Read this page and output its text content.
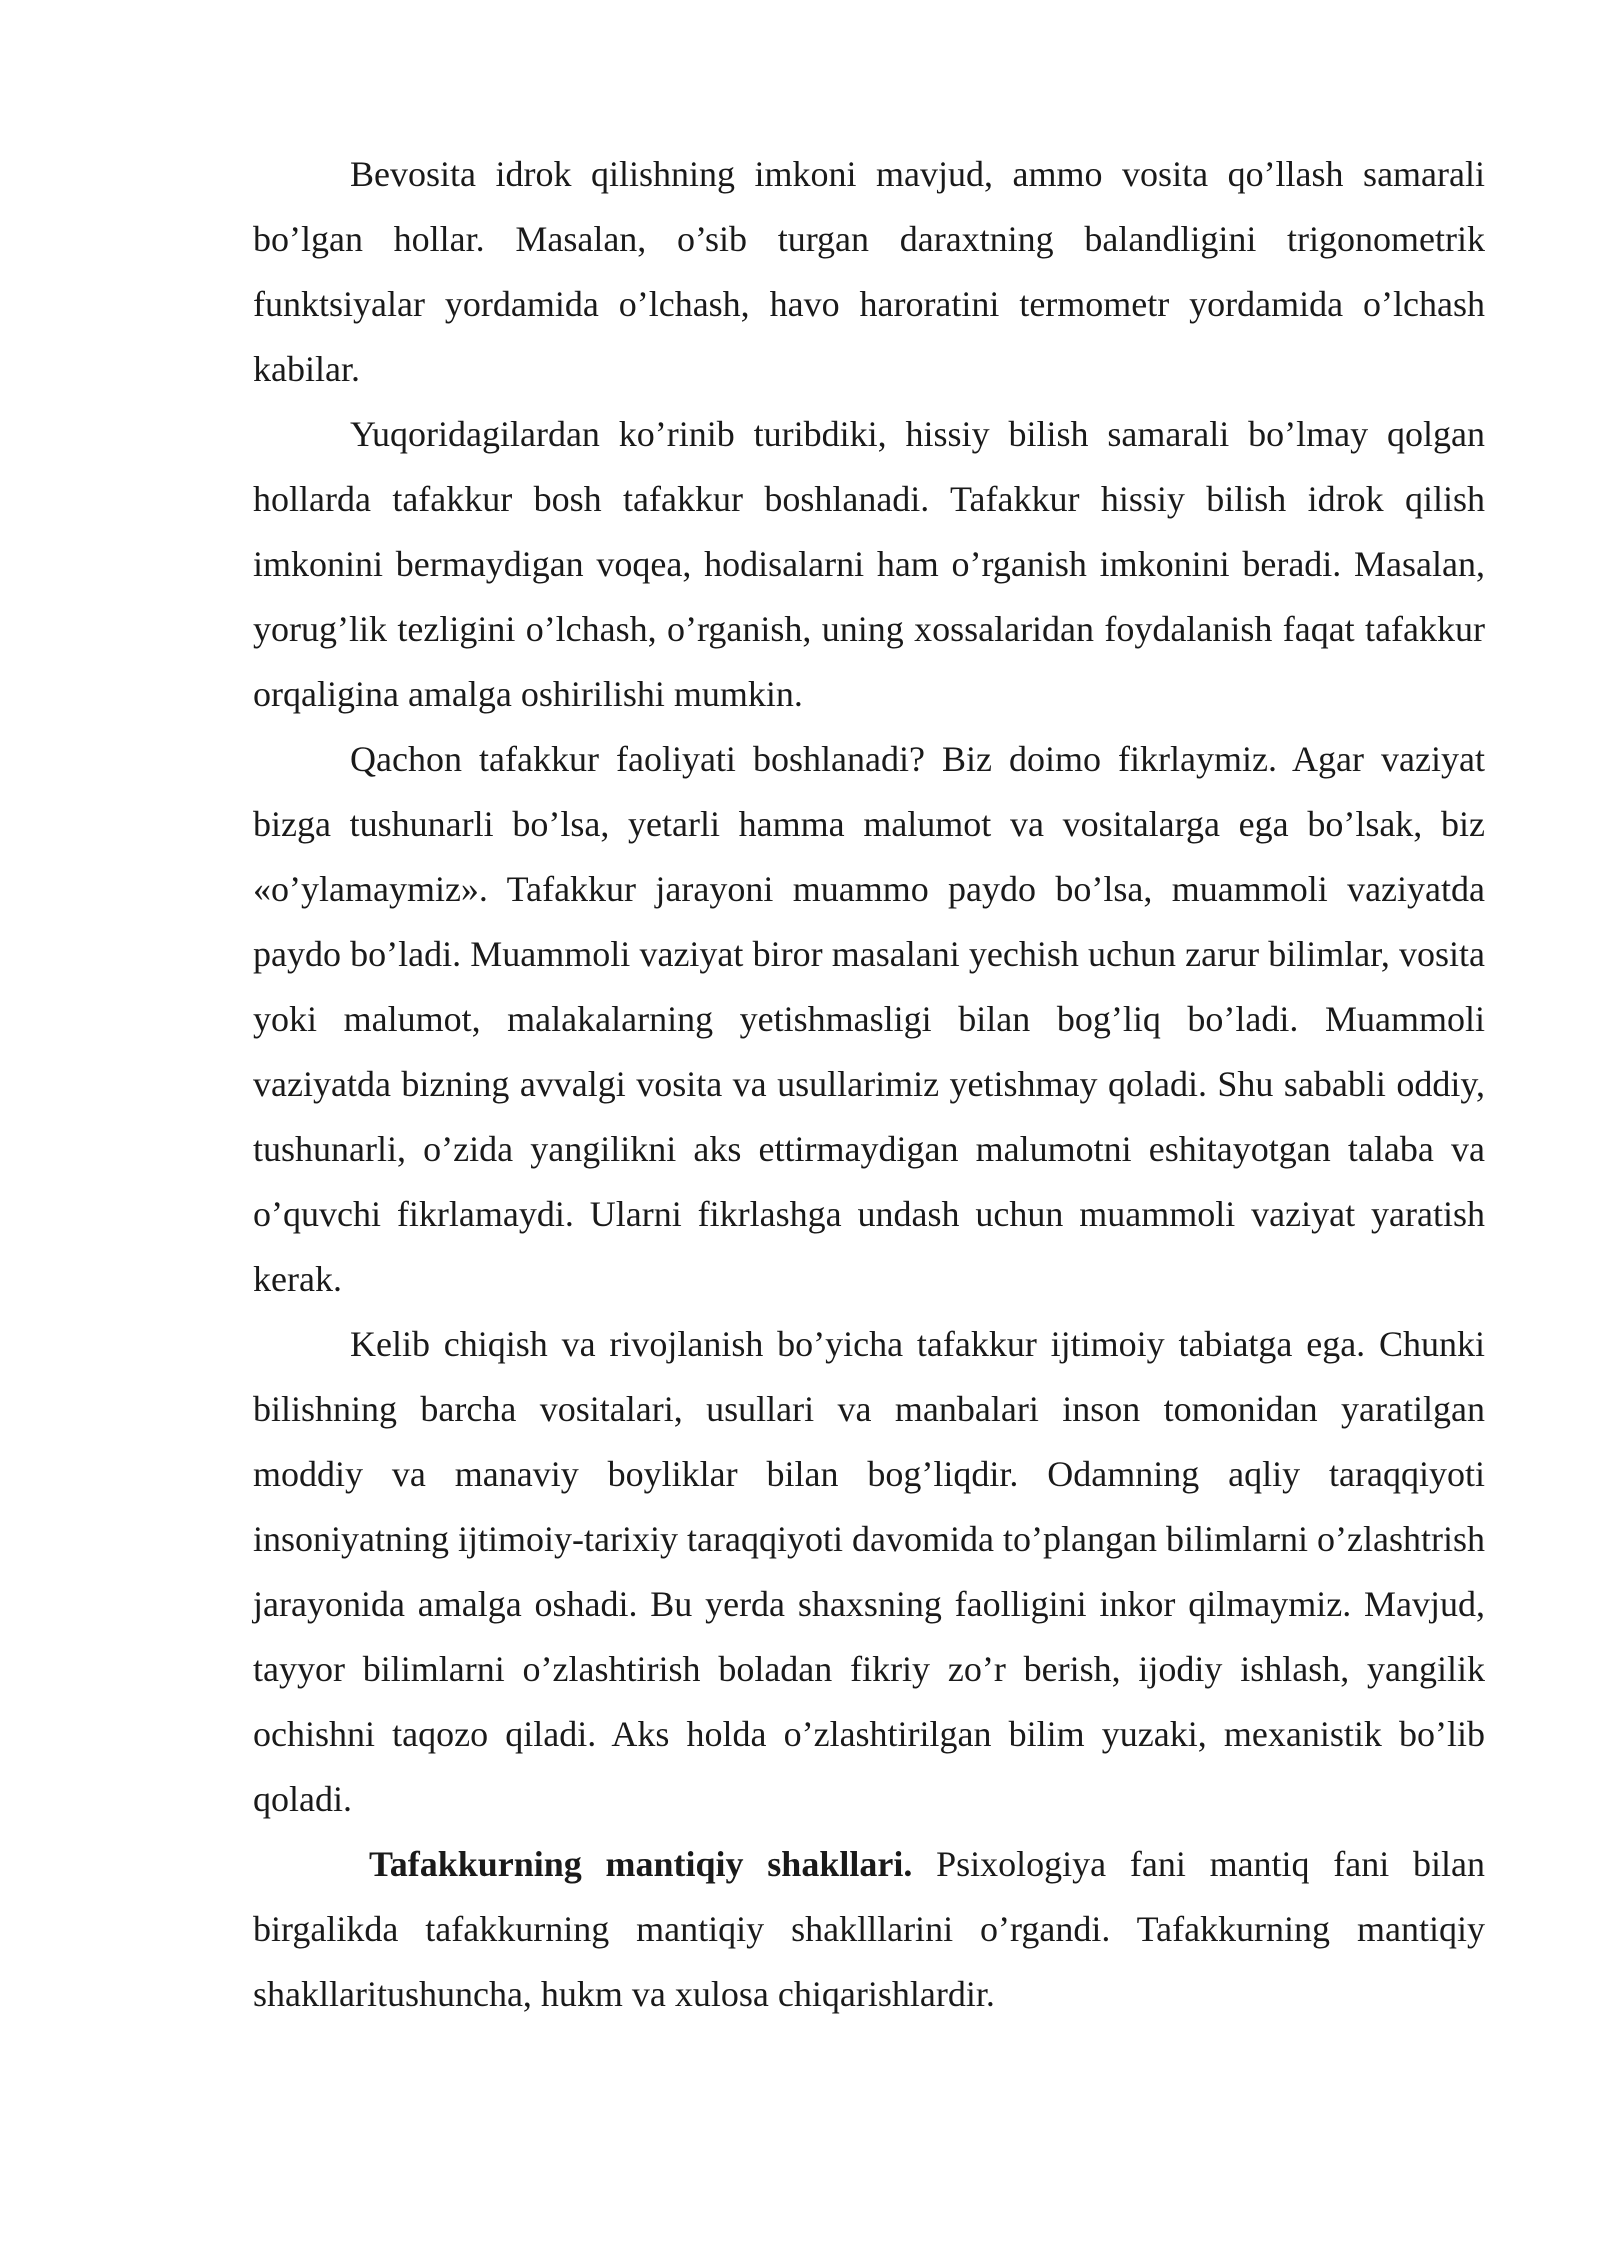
Bevosita idrok qilishning imkoni mavjud, ammo vosita qo’llash samarali bo’lgan hollar. Masalan, o’sib turgan daraxtning balandligini trigonometrik funktsiyalar yordamida o’lchash, havo haroratini termometr yordamida o’lchash kabilar.

Yuqoridagilardan ko’rinib turibdiki, hissiy bilish samarali bo’lmay qolgan hollarda tafakkur bosh tafakkur boshlanadi. Tafakkur hissiy bilish idrok qilish imkonini bermaydigan voqea, hodisalarni ham o’rganish imkonini beradi. Masalan, yorug’lik tezligini o’lchash, o’rganish, uning xossalaridan foydalanish faqat tafakkur orqaligina amalga oshirilishi mumkin.

Qachon tafakkur faoliyati boshlanadi? Biz doimo fikrlaymiz. Agar vaziyat bizga tushunarli bo’lsa, yetarli hamma malumot va vositalarga ega bo’lsak, biz «o’ylamaymiz». Tafakkur jarayoni muammo paydo bo’lsa, muammoli vaziyatda paydo bo’ladi. Muammoli vaziyat biror masalani yechish uchun zarur bilimlar, vosita yoki malumot, malakalarning yetishmasligi bilan bog’liq bo’ladi. Muammoli vaziyatda bizning avvalgi vosita va usullarimiz yetishmay qoladi. Shu sababli oddiy, tushunarli, o’zida yangilikni aks ettirmaydigan malumotni eshitayotgan talaba va o’quvchi fikrlamaydi. Ularni fikrlashga undash uchun muammoli vaziyat yaratish kerak.

Kelib chiqish va rivojlanish bo’yicha tafakkur ijtimoiy tabiatga ega. Chunki bilishning barcha vositalari, usullari va manbalari inson tomonidan yaratilgan moddiy va manaviy boyliklar bilan bog’liqdir. Odamning aqliy taraqqiyoti insoniyatning ijtimoiy-tarixiy taraqqiyoti davomida to’plangan bilimlarni o’zlashtrish jarayonida amalga oshadi. Bu yerda shaxsning faolligini inkor qilmaymiz. Mavjud, tayyor bilimlarni o’zlashtirish boladan fikriy zo’r berish, ijodiy ishlash, yangilik ochishni taqozo qiladi. Aks holda o’zlashtirilgan bilim yuzaki, mexanistik bo’lib qoladi.

Tafakkurning mantiqiy shakllari. Psixologiya fani mantiq fani bilan birgalikda tafakkurning mantiqiy shaklllarini o’rgandi. Tafakkurning mantiqiy shakllaritushuncha, hukm va xulosa chiqarishlardir.
